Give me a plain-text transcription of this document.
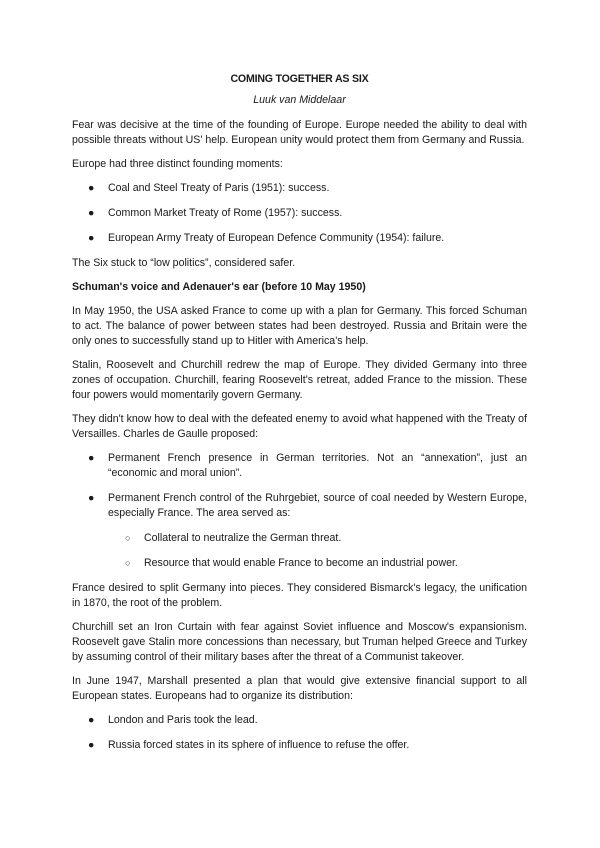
COMING TOGETHER AS SIX
Luuk van Middelaar

Fear was decisive at the time of the founding of Europe. Europe needed the ability to deal with possible threats without US' help. European unity would protect them from Germany and Russia.

Europe had three distinct founding moments:

● Coal and Steel Treaty of Paris (1951): success.
● Common Market Treaty of Rome (1957): success.
● European Army Treaty of European Defence Community (1954): failure.

The Six stuck to “low politics”, considered safer.

Schuman's voice and Adenauer's ear (before 10 May 1950)

In May 1950, the USA asked France to come up with a plan for Germany. This forced Schuman to act. The balance of power between states had been destroyed. Russia and Britain were the only ones to successfully stand up to Hitler with America's help.

Stalin, Roosevelt and Churchill redrew the map of Europe. They divided Germany into three zones of occupation. Churchill, fearing Roosevelt's retreat, added France to the mission. These four powers would momentarily govern Germany.

They didn't know how to deal with the defeated enemy to avoid what happened with the Treaty of Versailles. Charles de Gaulle proposed:

● Permanent French presence in German territories. Not an “annexation”, just an “economic and moral union”.
● Permanent French control of the Ruhrgebiet, source of coal needed by Western Europe, especially France. The area served as:
○ Collateral to neutralize the German threat.
○ Resource that would enable France to become an industrial power.

France desired to split Germany into pieces. They considered Bismarck's legacy, the unification in 1870, the root of the problem.

Churchill set an Iron Curtain with fear against Soviet influence and Moscow's expansionism. Roosevelt gave Stalin more concessions than necessary, but Truman helped Greece and Turkey by assuming control of their military bases after the threat of a Communist takeover.

In June 1947, Marshall presented a plan that would give extensive financial support to all European states. Europeans had to organize its distribution:

● London and Paris took the lead.
● Russia forced states in its sphere of influence to refuse the offer.
